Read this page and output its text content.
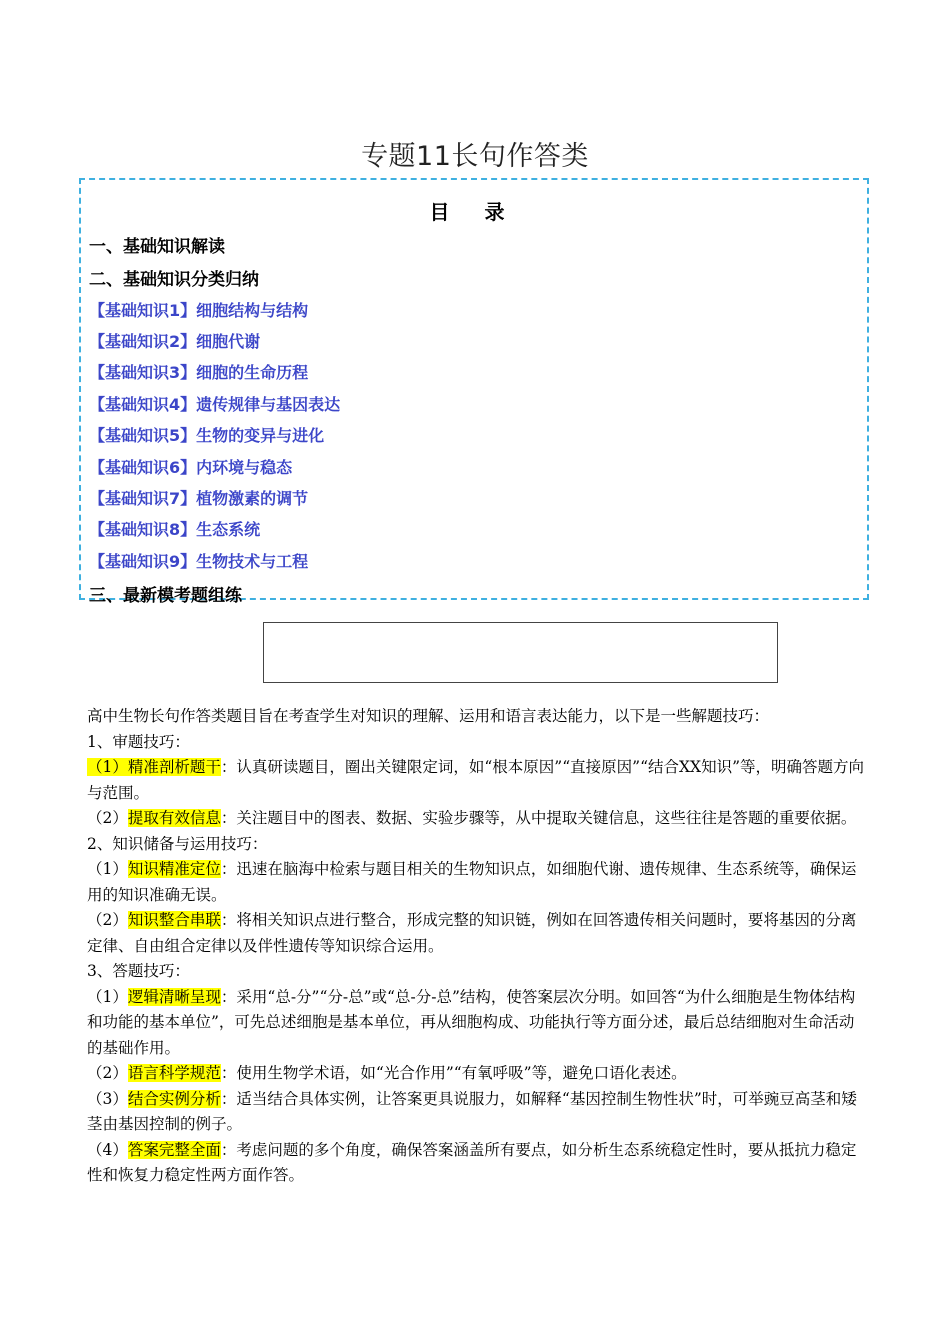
专题11长句作答类
目 录
一、基础知识解读
二、基础知识分类归纳
【基础知识1】细胞结构与结构
【基础知识2】细胞代谢
【基础知识3】细胞的生命历程
【基础知识4】遗传规律与基因表达
【基础知识5】生物的变异与进化
【基础知识6】内环境与稳态
【基础知识7】植物激素的调节
【基础知识8】生态系统
【基础知识9】生物技术与工程
三、最新模考题组练

高中生物长句作答类题目旨在考查学生对知识的理解、运用和语言表达能力，以下是一些解题技巧：

1、审题技巧：

（1）精准剖析题干：认真研读题目，圈出关键限定词，如“根本原因”“直接原因”“结合XX知识”等，明确答题方向与范围。

（2）提取有效信息：关注题目中的图表、数据、实验步骤等，从中提取关键信息，这些往往是答题的重要依据。

2、知识储备与运用技巧：

（1）知识精准定位：迅速在脑海中检索与题目相关的生物知识点，如细胞代谢、遗传规律、生态系统等，确保运用的知识准确无误。

（2）知识整合串联：将相关知识点进行整合，形成完整的知识链，例如在回答遗传相关问题时，要将基因的分离定律、自由组合定律以及伴性遗传等知识综合运用。

3、答题技巧：

（1）逻辑清晰呈现：采用“总-分”“分-总”或“总-分-总”结构，使答案层次分明。如回答“为什么细胞是生物体结构和功能的基本单位”，可先总述细胞是基本单位，再从细胞构成、功能执行等方面分述，最后总结细胞对生命活动的基础作用。

（2）语言科学规范：使用生物学术语，如“光合作用”“有氧呼吸”等，避免口语化表述。

（3）结合实例分析：适当结合具体实例，让答案更具说服力，如解释“基因控制生物性状”时，可举豌豆高茎和矮茎由基因控制的例子。

（4）答案完整全面：考虑问题的多个角度，确保答案涵盖所有要点，如分析生态系统稳定性时，要从抵抗力稳定性和恢复力稳定性两方面作答。
